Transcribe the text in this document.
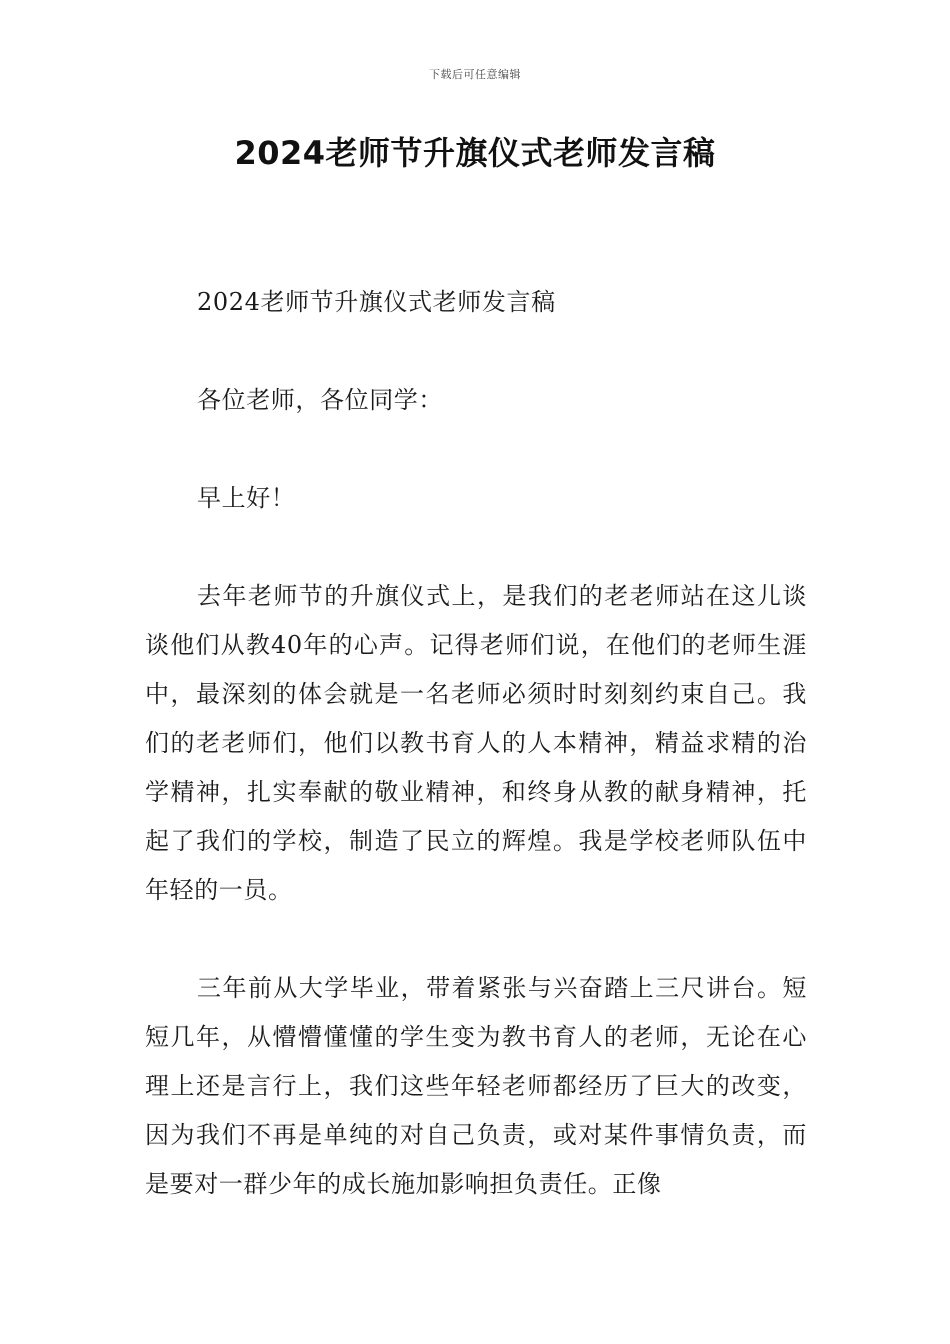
下载后可任意编辑
2024老师节升旗仪式老师发言稿

2024老师节升旗仪式老师发言稿

各位老师，各位同学：

早上好！

去年老师节的升旗仪式上，是我们的老老师站在这儿谈谈他们从教40年的心声。记得老师们说，在他们的老师生涯中，最深刻的体会就是一名老师必须时时刻刻约束自己。我们的老老师们，他们以教书育人的人本精神，精益求精的治学精神，扎实奉献的敬业精神，和终身从教的献身精神，托起了我们的学校，制造了民立的辉煌。我是学校老师队伍中年轻的一员。

三年前从大学毕业，带着紧张与兴奋踏上三尺讲台。短短几年，从懵懵懂懂的学生变为教书育人的老师，无论在心理上还是言行上，我们这些年轻老师都经历了巨大的改变，因为我们不再是单纯的对自己负责，或对某件事情负责，而是要对一群少年的成长施加影响担负责任。正像
